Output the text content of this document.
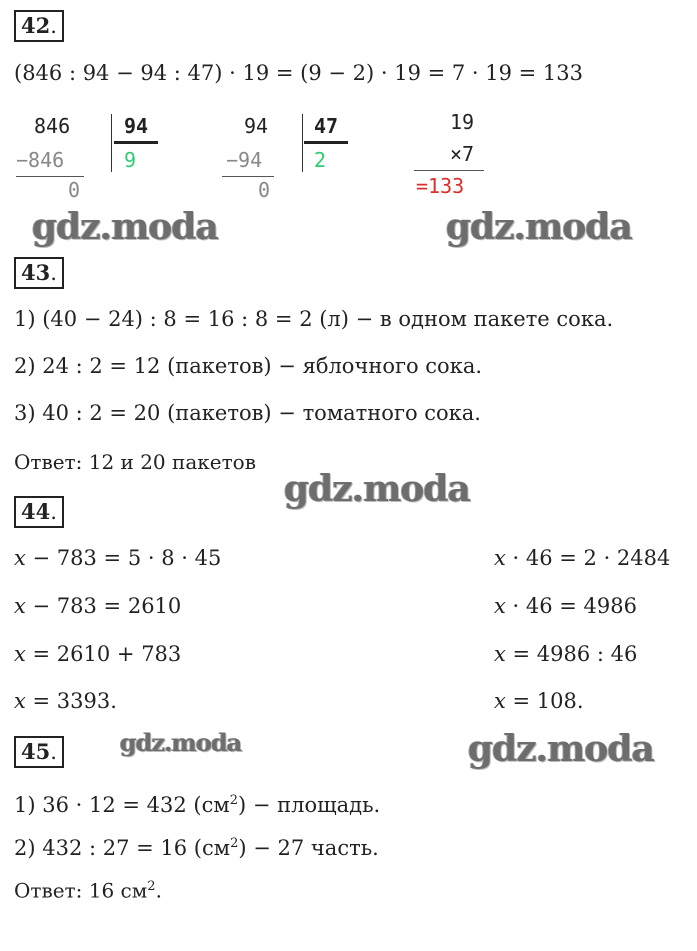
42.
(846 : 94 − 94 : 47) · 19 = (9 − 2) · 19 = 7 · 19 = 133
846	94
−846	9
0
94 47
−94	2
0
19
×7
=133
gdz.moda	gdz.moda
43.
1) (40 − 24) : 8 = 16 : 8 = 2 (л) − в одном пакете сока.
2) 24 : 2 = 12 (пакетов) − яблочного сока.
3) 40 : 2 = 20 (пакетов) − томатного сока.
Ответ: 12 и 20 пакетов
gdz.moda
44.
x − 783 = 5 · 8 · 45
x − 783 = 2610
x = 2610 + 783
x = 3393.
x · 46 = 2 · 2484
x · 46 = 4986
x = 4986 : 46
x = 108.
45.	gdz.moda	gdz.moda
1) 36 · 12 = 432 $(см^2)$ − площадь.
2) 432 : 27 = 16 $(см^2) - 27$ часть.
Ответ: 16 $см^2$.
